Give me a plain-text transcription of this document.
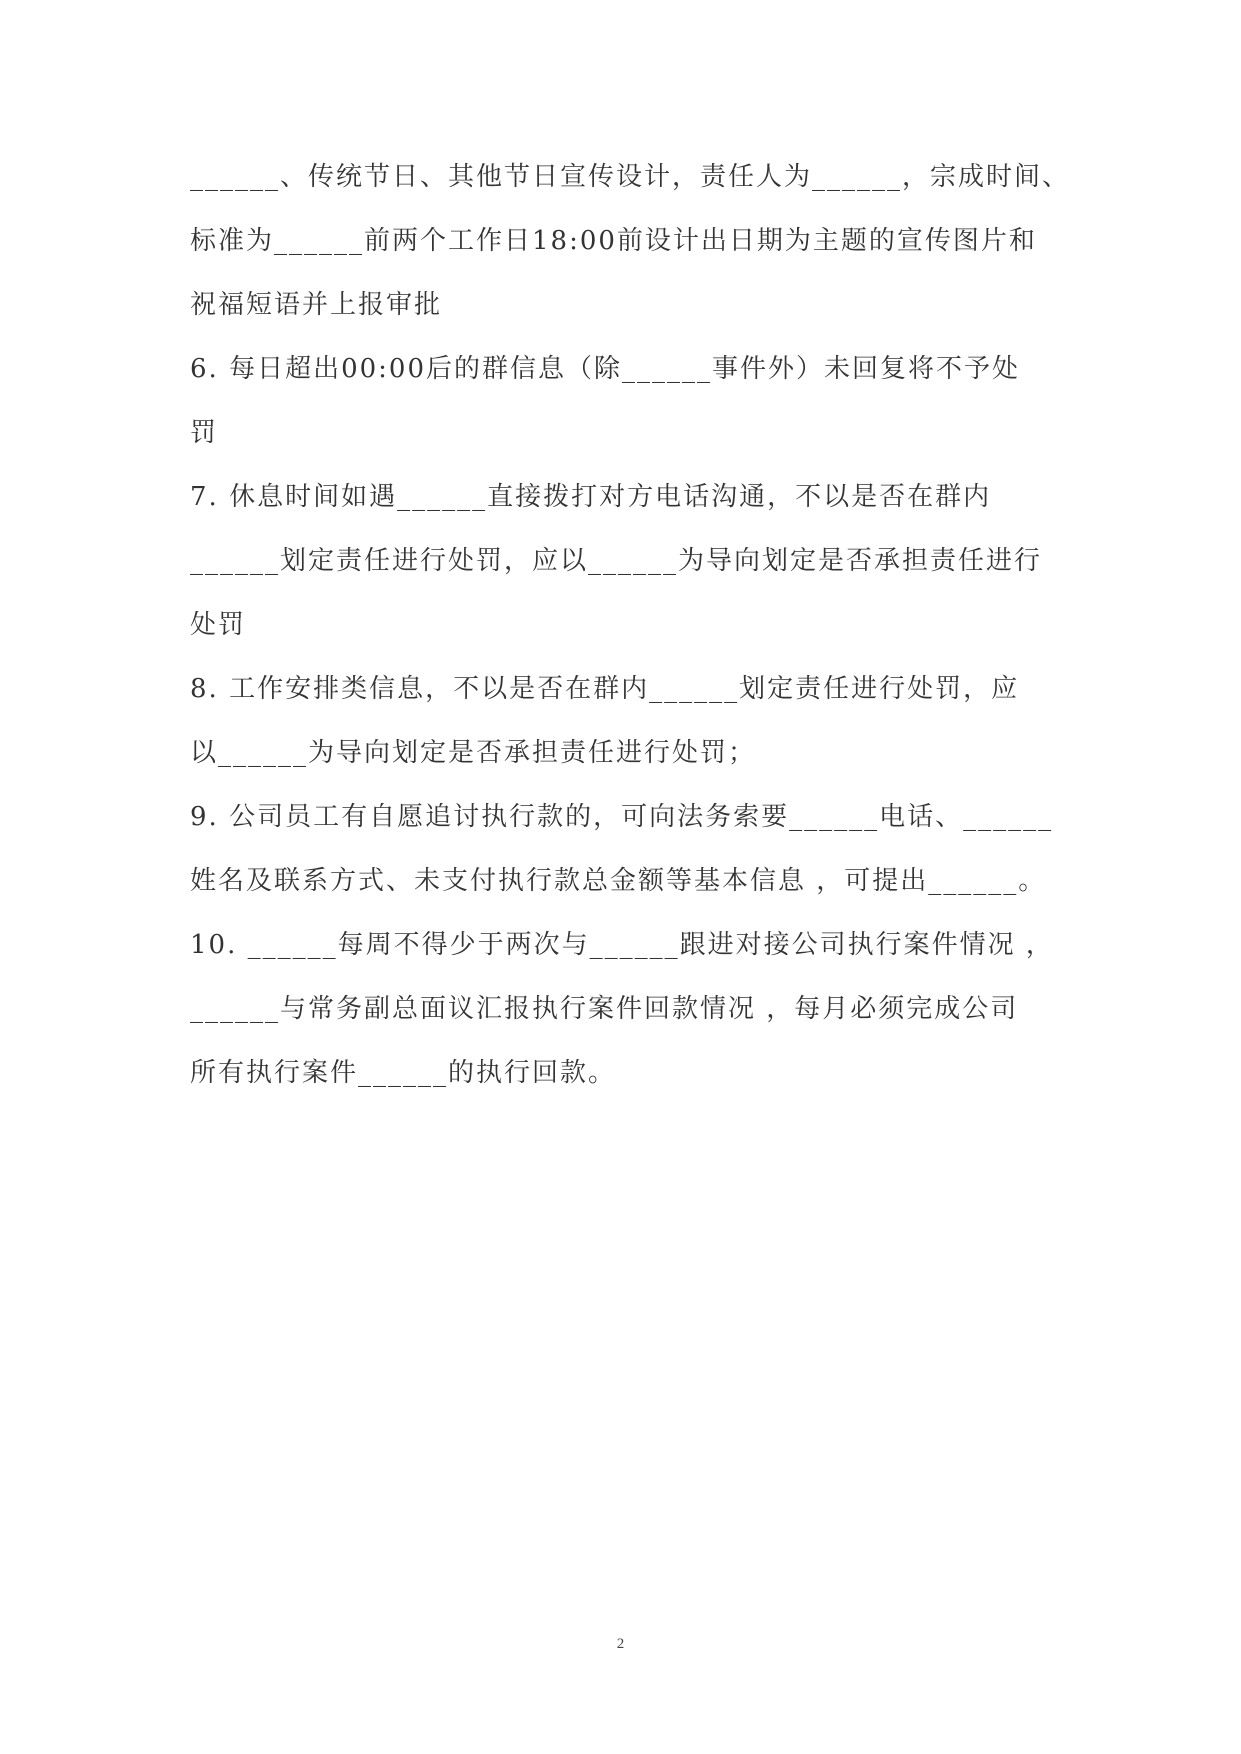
______、传统节日、其他节日宣传设计，责任人为______，宗成时间、
标准为______前两个工作日18:00前设计出日期为主题的宣传图片和
祝福短语并上报审批
6. 每日超出00:00后的群信息（除______事件外）未回复将不予处
罚
7. 休息时间如遇______直接拨打对方电话沟通，不以是否在群内
______划定责任进行处罚，应以______为导向划定是否承担责任进行
处罚
8. 工作安排类信息，不以是否在群内______划定责任进行处罚，应
以______为导向划定是否承担责任进行处罚；
9. 公司员工有自愿追讨执行款的，可向法务索要______电话、______
姓名及联系方式、未支付执行款总金额等基本信息 ，可提出______。
10. ______每周不得少于两次与______跟进对接公司执行案件情况 ，
______与常务副总面议汇报执行案件回款情况 ，每月必须完成公司
所有执行案件______的执行回款。
2
